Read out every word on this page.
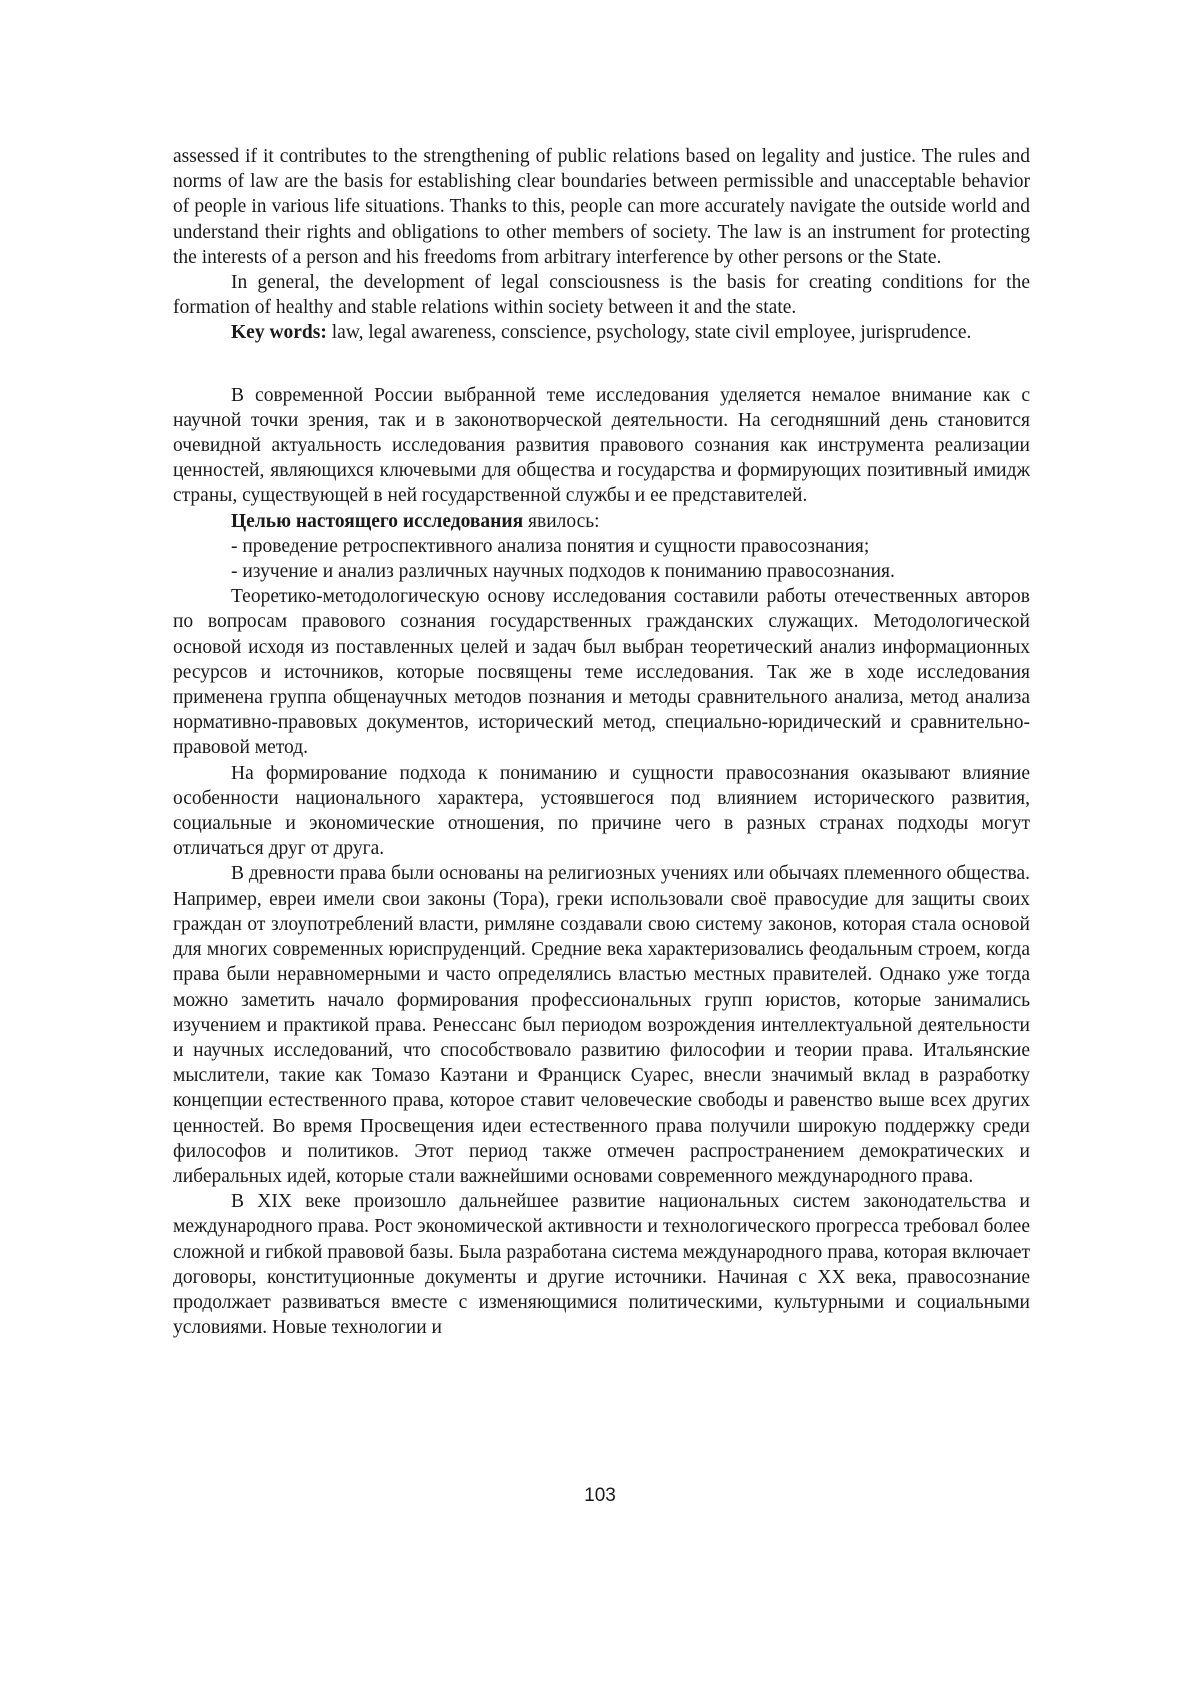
assessed if it contributes to the strengthening of public relations based on legality and justice. The rules and norms of law are the basis for establishing clear boundaries between permissible and unacceptable behavior of people in various life situations. Thanks to this, people can more accurately navigate the outside world and understand their rights and obligations to other members of society. The law is an instrument for protecting the interests of a person and his freedoms from arbitrary interference by other persons or the State.

In general, the development of legal consciousness is the basis for creating conditions for the formation of healthy and stable relations within society between it and the state.

Key words: law, legal awareness, conscience, psychology, state civil employee, jurisprudence.

В современной России выбранной теме исследования уделяется немалое внимание как с научной точки зрения, так и в законотворческой деятельности. На сегодняшний день становится очевидной актуальность исследования развития правового сознания как инструмента реализации ценностей, являющихся ключевыми для общества и государства и формирующих позитивный имидж страны, существующей в ней государственной службы и ее представителей.

Целью настоящего исследования явилось:

- проведение ретроспективного анализа понятия и сущности правосознания;

- изучение и анализ различных научных подходов к пониманию правосознания.

Теоретико-методологическую основу исследования составили работы отечественных авторов по вопросам правового сознания государственных гражданских служащих. Методологической основой исходя из поставленных целей и задач был выбран теоретический анализ информационных ресурсов и источников, которые посвящены теме исследования. Так же в ходе исследования применена группа общенаучных методов познания и методы сравнительного анализа, метод анализа нормативно-правовых документов, исторический метод, специально-юридический и сравнительно-правовой метод.

На формирование подхода к пониманию и сущности правосознания оказывают влияние особенности национального характера, устоявшегося под влиянием исторического развития, социальные и экономические отношения, по причине чего в разных странах подходы могут отличаться друг от друга.

В древности права были основаны на религиозных учениях или обычаях племенного общества. Например, евреи имели свои законы (Тора), греки использовали своё правосудие для защиты своих граждан от злоупотреблений власти, римляне создавали свою систему законов, которая стала основой для многих современных юриспруденций. Средние века характеризовались феодальным строем, когда права были неравномерными и часто определялись властью местных правителей. Однако уже тогда можно заметить начало формирования профессиональных групп юристов, которые занимались изучением и практикой права. Ренессанс был периодом возрождения интеллектуальной деятельности и научных исследований, что способствовало развитию философии и теории права. Итальянские мыслители, такие как Томазо Каэтани и Франциск Суарес, внесли значимый вклад в разработку концепции естественного права, которое ставит человеческие свободы и равенство выше всех других ценностей. Во время Просвещения идеи естественного права получили широкую поддержку среди философов и политиков. Этот период также отмечен распространением демократических и либеральных идей, которые стали важнейшими основами современного международного права.

В XIX веке произошло дальнейшее развитие национальных систем законодательства и международного права. Рост экономической активности и технологического прогресса требовал более сложной и гибкой правовой базы. Была разработана система международного права, которая включает договоры, конституционные документы и другие источники. Начиная с XX века, правосознание продолжает развиваться вместе с изменяющимися политическими, культурными и социальными условиями. Новые технологии и

103
